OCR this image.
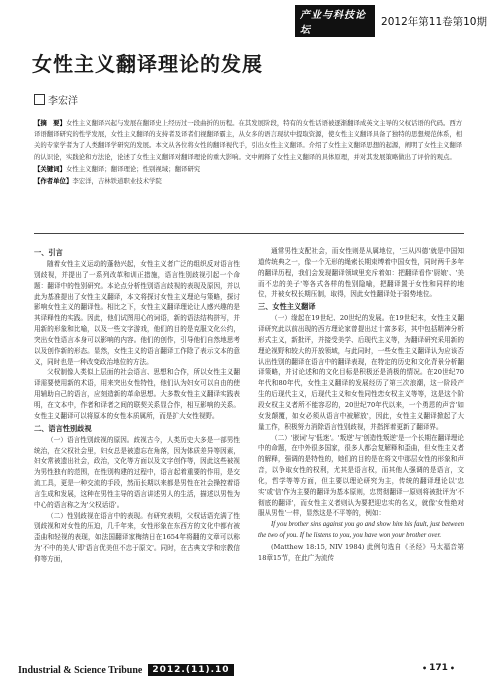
产业与科技论坛
2012年第11卷第10期
女性主义翻译理论的发展
李宏洋
【摘　要】女性主义翻译兴起与发展在翻译史上经历过一段曲折的历程。在其发展阶段，特有的女性话语被逐渐翻译成英文主导的父权话语的代码。西方译语翻译研究的性学发展，女性主义翻译的支持者及译者们视翻译霸主，从女多的语言现状中提取资源，使女性主义翻译具备了独特的思想规范体系，相关的专家学者为了人类翻译学研究的发展。本文从各位将女性的翻译视代手，引出女性主义翻译。介绍了女性主义翻译思想的起源，阐明了女性主义翻译的认识论，实践论和方法论，论述了女性主义翻译对翻译理论的重大影响。文中阐释了女性主义翻译的具体原理，并对其发展策略做出了评价的观点。
【关键词】女性主义翻译；翻译理论；性别视域；翻译研究
【作者单位】李宏洋，吉林铁道职业技术学院
一、引言

随着女性主义运动的蓬勃兴起，女性主义者广泛的组织反对语言性别歧视，并提出了一系列改革和训正措施，语言性别歧视引起一个命题：翻译中的性别研究。本论点分析性别语言歧视的表现及原因，并以此为基准提出了女性主义翻译，本文将探讨女性主义理论与策略，探讨影响女性主义的翻译性。相比之下，女性主义翻译理论让人感兴趣的是其译释性的实践。因此，他们试图用心的词语，新的语法结构拼写，并用新的形象和比喻，以及一些文字游戏，他们的目的是克服文化公约，突出女性语言本身可以影响的内容。他们的创作，引导他们自然地思考以及创作新的形态。显然，女性主义的语言翻译工作除了表示文本的意义，同时也是一种改变政治地位的方法。

父权制像人类似上层面的社会语言、思想和合作，所以女性主义翻译需要使用新的术语，用来突出女性特性，他们认为妇女可以自由的使用辅助自己的语言，应刻造新的革命思想。大多数女性主义翻译实践表明，在文本中，作者和译者之间的联契关系显合作，相互影响的关系。女性主义翻译可以将原本的女性本质属所，而是扩大女性视野。

二、语言性别歧视

（一）语言性别歧视的原因。歧视古今，人类历史大多是一部男性统治，在父权社会里，妇女总是被遗忘在角落，因为体质差异等因素，妇女常被遗出社会，政治，文化等方面以及文字创作等，因此这些被视为男性独有的范围，在性别构建的过程中，语言起着重要的作用，是交流工具，更是一种交流的手段，然而长期以来都是男性在社会操控着语言生成和发展，这种在男性主导的语言讲述男人的生活，描述以男性为中心的语言称之为'父权话语'。

（二）性别歧视在语言中的表现。有研究表明，父权话语充满了性别歧视和对女性的压迫，几千年来，女性形象在东西方的文化中都有被歪曲和轻视的表现，如法国翻译家梅纳日在1654年将翻的文章可以称为'不中的美人'即'语言优美但不忠于原文'。同时，在古典文学和宗教信仰等方面，

通常男性支配社会，而女性则是从属地位，'三从四德'就是中国知道传统典之一，像一个无形的绳索长期束缚着中国女性，同时两千多年的翻译历程，我们会发现翻译领域里充斥着如：把翻译看作'厨娘'、'美而不忠的美子'等各式各样的性别隐喻，把翻译置于女性和同样的地位，并被女权长期压制，取得，因此女性翻译处于弱势地位。

三、女性主义翻译

（一）缘起在19世纪、20世纪的发展。在19世纪末，女性主义翻译研究此以前出现的西方理论家曾提出过十富多彩，其中包括精神分析形式主义，新批评，并接受美学、后现代主义等，为翻译研究采用新的理论视野和较大的开放领域，与此同时，一些女性主义翻译认为应该否认出性别的翻译在语言中的翻译表现，在特定的历史和文化背景分析翻译策略，并讨论述和的文化目标是积极还是消极的情况。在20世纪70年代和80年代，女性主义翻译的发展经历了第三次浪潮，这一阶段产生的后现代主义，后现代主义和女性同性恋女权主义等等，这是这个阶段女权主义者所不能容忍的，20世纪70年代以来，一个勇恩的声音'如女发颠覆，如女必须从语言中被解放'，因此，女性主义翻译掀起了大量工作，积极努力消除语言性别歧视，并指挥着更新了翻译界。

（二）'嵌词'与'低迷'。'叛逆'与'创造性叛逆'是一个长期在翻译理论中的命题，在中外很多国家，很多人都会复解释和歪曲，但女性主义者的解释，强调的是特性的，她们的目的是在将文中那层女性的形象和声音，以争取女性的权利，尤其是语言权，而其他人强调的是语言，文化，哲学等等方面，但主要以理论研究为主，传统的翻译理论以'忠实'或'信'作为主要的翻译为基本原则，忠贯彻翻译一原则将被批评为'不彻底的翻译'，而女性主义者则认为要把迎忠实的名义，就像'女性绝对服从男性'一样，显然这是不平等的，例如：

If you brother sins against you go and show him his fault, just between the two of you. If he listens to you, you have won your brother over.

(Matthew 18:15, NIV 1984) 此例句选自《圣经》马太福音第18章15节，在此广为流传

Industrial & Science Tribune	2012.(11).10	• 171 •
